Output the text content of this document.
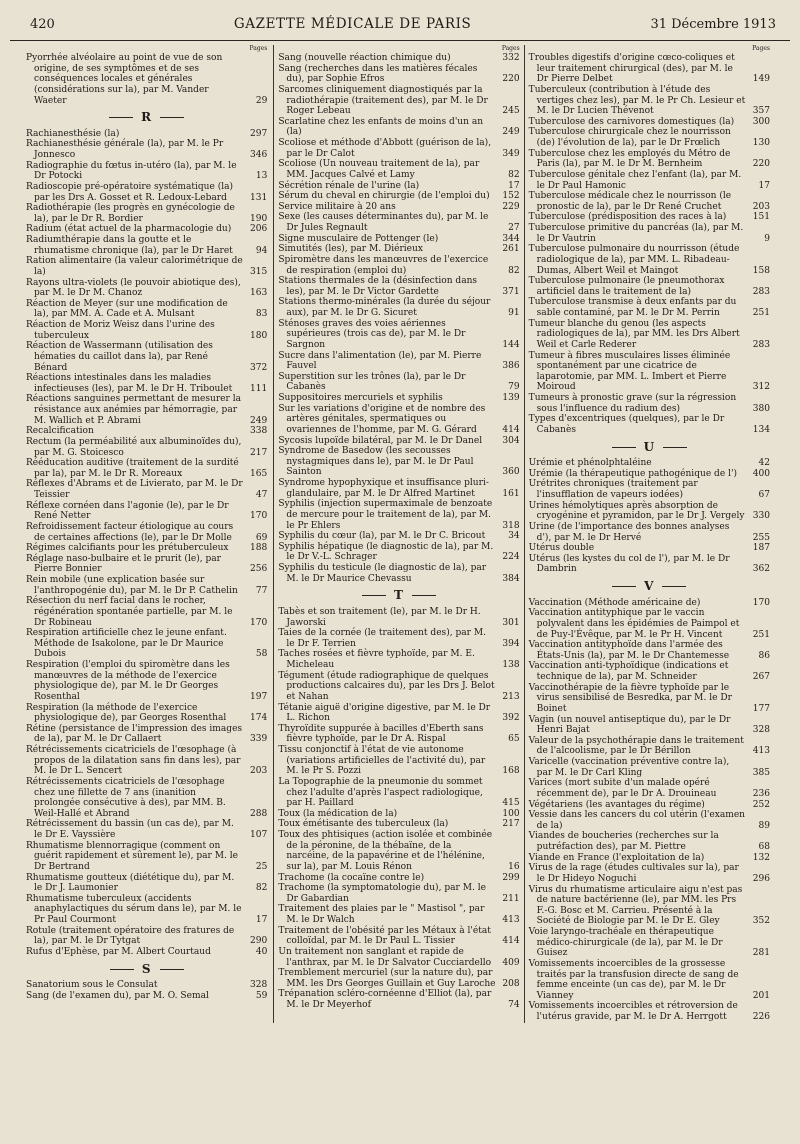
420	GAZETTE MÉDICALE DE PARIS	31 Décembre 1913
Pages
Pyorrhée alvéolaire au point de vue de son origine, de ses symptômes et de ses conséquences locales et générales (considérations sur la), par M. Vander Waeter	29
R
Rachianesthésie (la)	297
Rachianesthésie générale (la), par M. le Pr Jonnesco	346
Radiographie du fœtus in-utéro (la), par M. le Dr Potocki	13
Radioscopie pré-opératoire systématique (la) par les Drs A. Gosset et R. Ledoux-Lebard	131
Radiothérapie (les progrès en gynécologie de la), par le Dr R. Bordier	190
Radium (état actuel de la pharmacologie du)	206
Radiumthérapie dans la goutte et le rhumatisme chronique (la), par le Dr Haret	94
Ration alimentaire (la valeur calorimétrique de la)	315
Rayons ultra-violets (le pouvoir abiotique des), par M. le Dr M. Chanoz	163
Réaction de Meyer (sur une modification de la), par MM. A. Cade et A. Mulsant	83
Réaction de Moriz Weisz dans l'urine des tuberculeux	180
Réaction de Wassermann (utilisation des hématies du caillot dans la), par René Bénard	372
Réactions intestinales dans les maladies infectieuses (les), par M. le Dr H. Triboulet	111
Réactions sanguines permettant de mesurer la résistance aux anémies par hémorragie, par M. Wallich et P. Abrami	249
Recalcification	338
Rectum (la perméabilité aux albuminoïdes du), par M. G. Stoicesco	217
Rééducation auditive (traitement de la surdité par la), par M. le Dr R. Moreaux	165
Réflexes d'Abrams et de Livierato, par M. le Dr Teissier	47
Réflexe cornéen dans l'agonie (le), par le Dr René Netter	170
Refroidissement facteur étiologique au cours de certaines affections (le), par le Dr Molle	69
Régimes calcifiants pour les prétuberculeux	188
Réglage naso-bulbaire et le prurit (le), par Pierre Bonnier	256
Rein mobile (une explication basée sur l'anthropogénie du), par M. le Dr P. Cathelin	77
Résection du nerf facial dans le rocher, régénération spontanée partielle, par M. le Dr Robineau	170
Respiration artificielle chez le jeune enfant. Méthode de Isakolone, par le Dr Maurice Dubois	58
Respiration (l'emploi du spiromètre dans les manœuvres de la méthode de l'exercice physiologique de), par M. le Dr Georges Rosenthal	197
Respiration (la méthode de l'exercice physiologique de), par Georges Rosenthal	174
Rétine (persistance de l'impression des images de la), par M. le Dr Callaert	339
Rétrécissements cicatriciels de l'œsophage (à propos de la dilatation sans fin dans les), par M. le Dr L. Sencert	203
Rétrécissements cicatriciels de l'œsophage chez une fillette de 7 ans (inanition prolongée consécutive à des), par MM. B. Weil-Hallé et Abrand	288
Rétrécissement du bassin (un cas de), par M. le Dr E. Vayssière	107
Rhumatisme blennorragique (comment on guérit rapidement et sûrement le), par M. le Dr Bertrand	25
Rhumatisme goutteux (diététique du), par M. le Dr J. Laumonier	82
Rhumatisme tuberculeux (accidents anaphylactiques du sérum dans le), par M. le Pr Paul Courmont	17
Rotule (traitement opératoire des fratures de la), par M. le Dr Tytgat	290
Rufus d'Ephèse, par M. Albert Courtaud	40
S
Sanatorium sous le Consulat	328
Sang (de l'examen du), par M. O. Semal	59
Pages
Sang (nouvelle réaction chimique du)	332
Sang (recherches dans les matières fécales du), par Sophie Efros	220
Sarcomes cliniquement diagnostiqués par la radiothérapie (traitement des), par M. le Dr Roger Lebeau	245
Scarlatine chez les enfants de moins d'un an (la)	249
Scoliose et méthode d'Abbott (guérison de la), par le Dr Calot	349
Scoliose (Un nouveau traitement de la), par MM. Jacques Calvé et Lamy	82
Sécrétion rénale de l'urine (la)	17
Sérum du cheval en chirurgie (de l'emploi du)	152
Service militaire à 20 ans	229
Sexe (les causes déterminantes du), par M. le Dr Jules Regnault	27
Signe musculaire de Pottenger (le)	344
Simutités (les), par M. Diérieux	261
Spiromètre dans les manœuvres de l'exercice de respiration (emploi du)	82
Stations thermales de la (désinfection dans les), par M. le Dr Victor Gardette	371
Stations thermo-minérales (la durée du séjour aux), par M. le Dr G. Sicuret	91
Sténoses graves des voies aériennes supérieures (trois cas de), par M. le Dr Sargnon	144
Sucre dans l'alimentation (le), par M. Pierre Fauvel	386
Superstition sur les trônes (la), par le Dr Cabanès	79
Suppositoires mercuriels et syphilis	139
Sur les variations d'origine et de nombre des artères génitales, spermatiques ou ovariennes de l'homme, par M. G. Gérard	414
Sycosis lupoïde bilatéral, par M. le Dr Danel	304
Syndrome de Basedow (les secousses nystagmiques dans le), par M. le Dr Paul Sainton	360
Syndrome hypophyxique et insuffisance pluri-glandulaire, par M. le Dr Alfred Martinet	161
Syphilis (injection supermaximale de benzoate de mercure pour le traitement de la), par M. le Pr Ehlers	318
Syphilis du cœur (la), par M. le Dr C. Bricout	34
Syphilis hépatique (le diagnostic de la), par M. le Dr V.-L. Schrager	224
Syphilis du testicule (le diagnostic de la), par M. le Dr Maurice Chevassu	384
T
Tabès et son traitement (le), par M. le Dr H. Jaworski	301
Taies de la cornée (le traitement des), par M. le Dr F. Terrien	394
Taches rosées et fièvre typhoïde, par M. E. Micheleau	138
Tégument (étude radiographique de quelques productions calcaires du), par les Drs J. Belot et Nahan	213
Tétanie aiguë d'origine digestive, par M. le Dr L. Richon	392
Thyroïdite suppurée à bacilles d'Eberth sans fièvre typhoïde, par le Dr A. Rispal	65
Tissu conjonctif à l'état de vie autonome (variations artificielles de l'activité du), par M. le Pr S. Pozzi	168
La Topographie de la pneumonie du sommet chez l'adulte d'après l'aspect radiologique, par H. Paillard	415
Toux (la médication de la)	100
Toux émétisante des tuberculeux (la)	217
Toux des phtisiques (action isolée et combinée de la péronine, de la thébaïne, de la narcéine, de la papavérine et de l'hélénine, sur la), par M. Louis Rénon	16
Trachome (la cocaïne contre le)	299
Trachome (la symptomatologie du), par M. le Dr Gabardian	211
Traitement des plaies par le " Mastisol ", par M. le Dr Walch	413
Traitement de l'obésité par les Métaux à l'état colloïdal, par M. le Dr Paul L. Tissier	414
Un traitement non sanglant et rapide de l'anthrax, par M. le Dr Salvator Cucciardello	409
Tremblement mercuriel (sur la nature du), par MM. les Drs Georges Guillain et Guy Laroche 208
Trépanation scléro-cornéenne d'Elliot (la), par M. le Dr Meyerhof	74
Pages
Troubles digestifs d'origine cœco-coliques et leur traitement chirurgical (des), par M. le Dr Pierre Delbet	149
Tuberculeux (contribution à l'étude des vertiges chez les), par M. le Pr Ch. Lesieur et M. le Dr Lucien Thévenot	357
Tuberculose des carnivores domestiques (la)	300
Tuberculose chirurgicale chez le nourrisson (de) l'évolution de la), par le Dr Frœlich	130
Tuberculose chez les employés du Métro de Paris (la), par M. le Dr M. Bernheim	220
Tuberculose génitale chez l'enfant (la), par M. le Dr Paul Hamonic	17
Tuberculose médicale chez le nourrisson (le pronostic de la), par le Dr René Cruchet	203
Tuberculose (prédisposition des races à la)	151
Tuberculose primitive du pancréas (la), par M. le Dr Vautrin	9
Tuberculose pulmonaire du nourrisson (étude radiologique de la), par MM. L. Ribadeau-Dumas, Albert Weil et Maingot	158
Tuberculose pulmonaire (le pneumothorax artificiel dans le traitement de la)	283
Tuberculose transmise à deux enfants par du sable contaminé, par M. le Dr M. Perrin	251
Tumeur blanche du genou (les aspects radiologiques de la), par MM. les Drs Albert Weil et Carle Rederer	283
Tumeur à fibres musculaires lisses éliminée spontanément par une cicatrice de laparotomie, par MM. L. Imbert et Pierre Moiroud	312
Tumeurs à pronostic grave (sur la régression sous l'influence du radium des)	380
Types d'excentriques (quelques), par le Dr Cabanès	134
U
Urémie et phénolphtaléine	42
Urémie (la thérapeutique pathogénique de l')	400
Urétrites chroniques (traitement par l'insufflation de vapeurs iodées)	67
Urines hémolytiques après absorption de cryogénine et pyramidon, par le Dr J. Vergely 330
Urine (de l'importance des bonnes analyses d'), par M. le Dr Hervé	255
Utérus double	187
Utérus (les kystes du col de l'), par M. le Dr Dambrin	362
V
Vaccination (Méthode américaine de)	170
Vaccination antityphique par le vaccin polyvalent dans les épidémies de Paimpol et de Puy-l'Évêque, par M. le Pr H. Vincent	251
Vaccination antityphoïde dans l'armée des États-Unis (la), par M. le Dr Chantemesse	86
Vaccination anti-typhoïdique (indications et technique de la), par M. Schneider	267
Vaccinothérapie de la fièvre typhoïde par le virus sensibilisé de Besredka, par M. le Dr Boinet	177
Vagin (un nouvel antiseptique du), par le Dr Henri Bajat	328
Valeur de la psychothérapie dans le traitement de l'alcoolisme, par le Dr Bérillon	413
Varicelle (vaccination préventive contre la), par M. le Dr Carl Kling	385
Varices (mort subite d'un malade opéré récemment de), par le Dr A. Drouineau	236
Végétariens (les avantages du régime)	252
Vessie dans les cancers du col utérin (l'examen de la)	89
Viandes de boucheries (recherches sur la putréfaction des), par M. Piettre	68
Viande en France (l'exploitation de la)	132
Virus de la rage (études cultivales sur la), par le Dr Hideyo Noguchi	296
Virus du rhumatisme articulaire aigu n'est pas de nature bactérienne (le), par MM. les Prs F.-G. Bosc et M. Carrieu. Présenté à la Société de Biologie par M. le Dr E. Gley	352
Voie laryngo-trachéale en thérapeutique médico-chirurgicale (de la), par M. le Dr Guisez	281
Vomissements incoercibles de la grossesse traités par la transfusion directe de sang de femme enceinte (un cas de), par M. le Dr Vianney	201
Vomissements incoercibles et rétroversion de l'utérus gravide, par M. le Dr A. Herrgott	226
